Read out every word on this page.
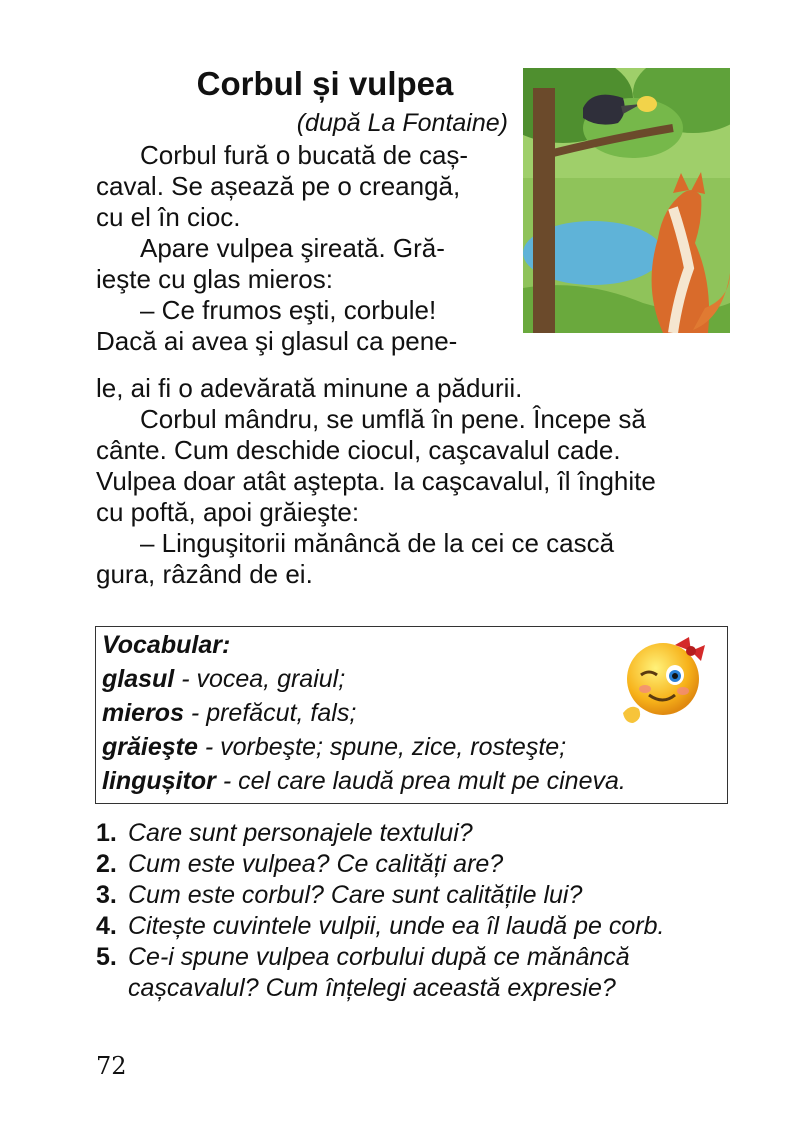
Corbul și vulpea
(după La Fontaine)

Corbul fură o bucată de caș-

caval. Se așează pe o creangă,

cu el în cioc.

Apare vulpea şireată. Gră-

ieşte cu glas mieros:

– Ce frumos eşti, corbule!

Dacă ai avea şi glasul ca pene-

le, ai fi o adevărată minune a pădurii.

Corbul mândru, se umflă în pene. Începe să

cânte. Cum deschide ciocul, caşcavalul cade.

Vulpea doar atât aştepta. Ia caşcavalul, îl înghite

cu poftă, apoi grăieşte:

– Linguşitorii mănâncă de la cei ce cască

gura, râzând de ei.

Vocabular:
glasul - vocea, graiul;
mieros - prefăcut, fals;
grăieşte - vorbeşte; spune, zice, rosteşte;
lingușitor - cel care laudă prea mult pe cineva.
1. Care sunt personajele textului?
2. Cum este vulpea? Ce calități are?
3. Cum este corbul? Care sunt calitățile lui?
4. Citește cuvintele vulpii, unde ea îl laudă pe corb.
5. Ce-i spune vulpea corbului după ce mănâncă cașcavalul? Cum înțelegi această expresie?
72
